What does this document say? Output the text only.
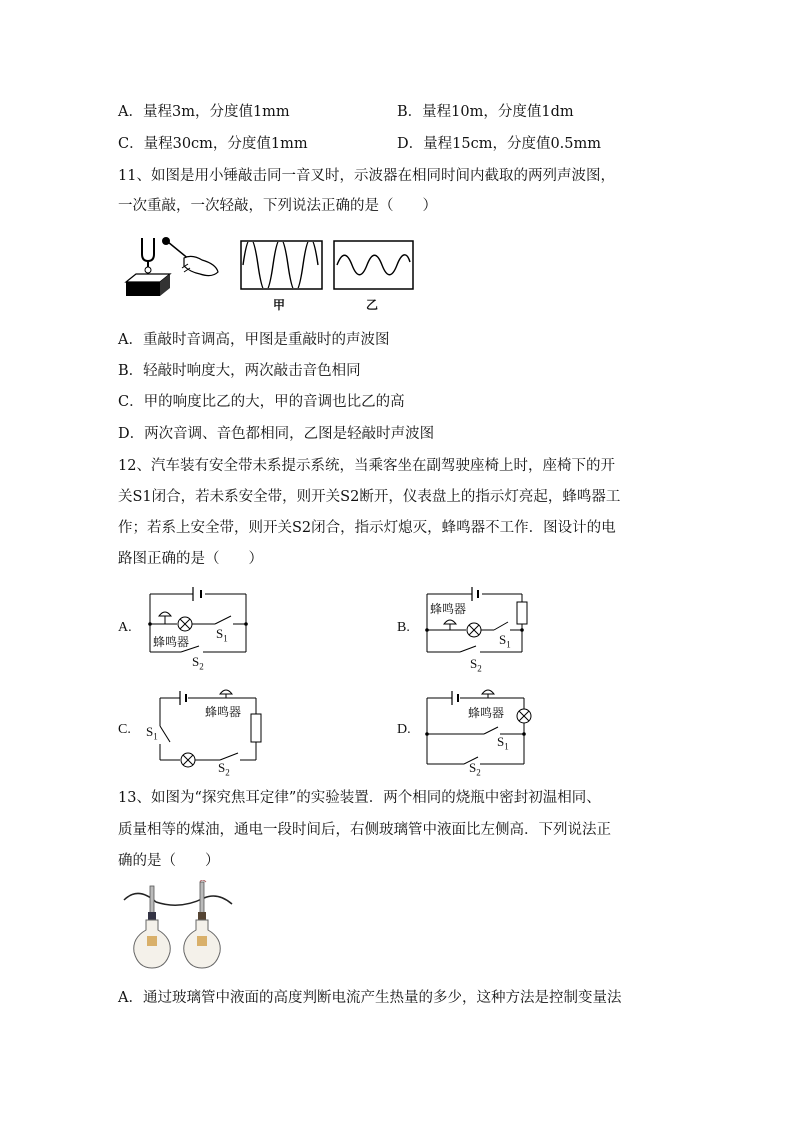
A．量程3m，分度值1mm	B．量程10m，分度值1dm
C．量程30cm，分度值1mm	D．量程15cm，分度值0.5mm
11、如图是用小锤敲击同一音叉时，示波器在相同时间内截取的两列声波图，
一次重敲，一次轻敲，下列说法正确的是（　　）
甲	乙
A．重敲时音调高，甲图是重敲时的声波图
B．轻敲时响度大，两次敲击音色相同
C．甲的响度比乙的大，甲的音调也比乙的高
D．两次音调、音色都相同，乙图是轻敲时声波图
12、汽车装有安全带未系提示系统，当乘客坐在副驾驶座椅上时，座椅下的开
关S1闭合，若未系安全带，则开关S2断开，仪表盘上的指示灯亮起，蜂鸣器工
作；若系上安全带，则开关S2闭合，指示灯熄灭，蜂鸣器不工作．图设计的电
路图正确的是（　　）
A.
蜂鸣器
$S_1$
$S_2$
B.
蜂鸣器
$S_1$
$S_2$
C.
蜂鸣器
$S_1$
$S_2$
D.
蜂鸣器
$S_1$
$S_2$
13、如图为“探究焦耳定律”的实验装置．两个相同的烧瓶中密封初温相同、
质量相等的煤油，通电一段时间后，右侧玻璃管中液面比左侧高．下列说法正
确的是（　　）
A．通过玻璃管中液面的高度判断电流产生热量的多少，这种方法是控制变量法
